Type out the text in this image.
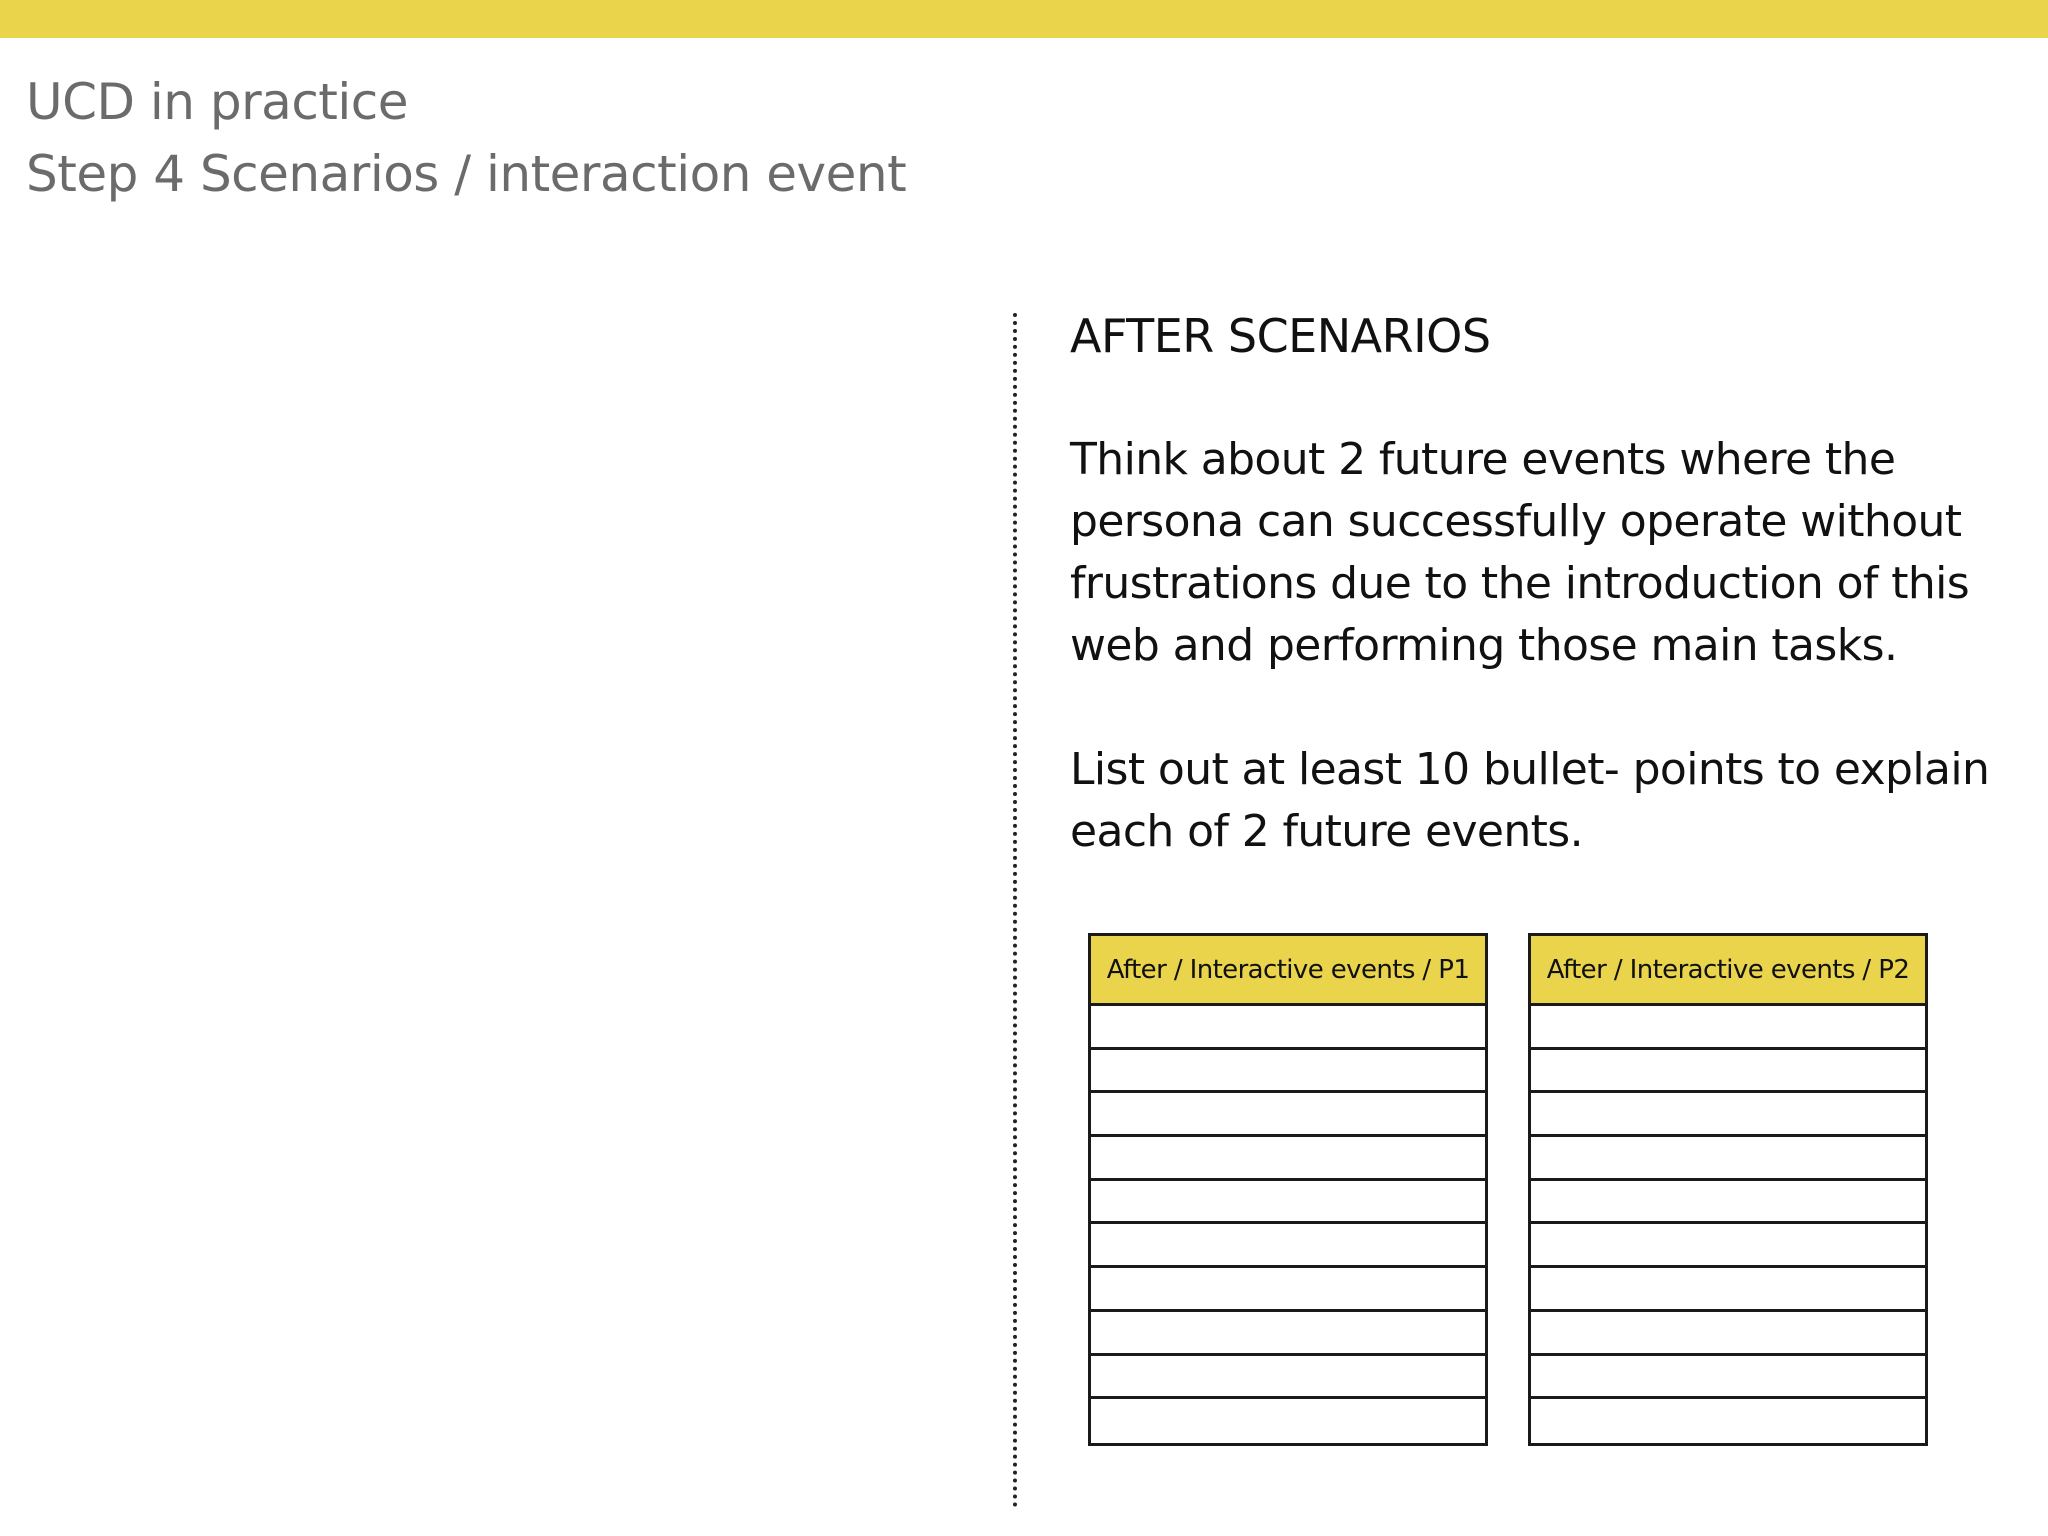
UCD in practice
Step 4 Scenarios / interaction event
AFTER SCENARIOS
Think about 2 future events where the persona can successfully operate without frustrations due to the introduction of this web and performing those main tasks.
List out at least 10 bullet- points to explain each of 2 future events.
After / Interactive events / P1	After / Interactive events / P2
